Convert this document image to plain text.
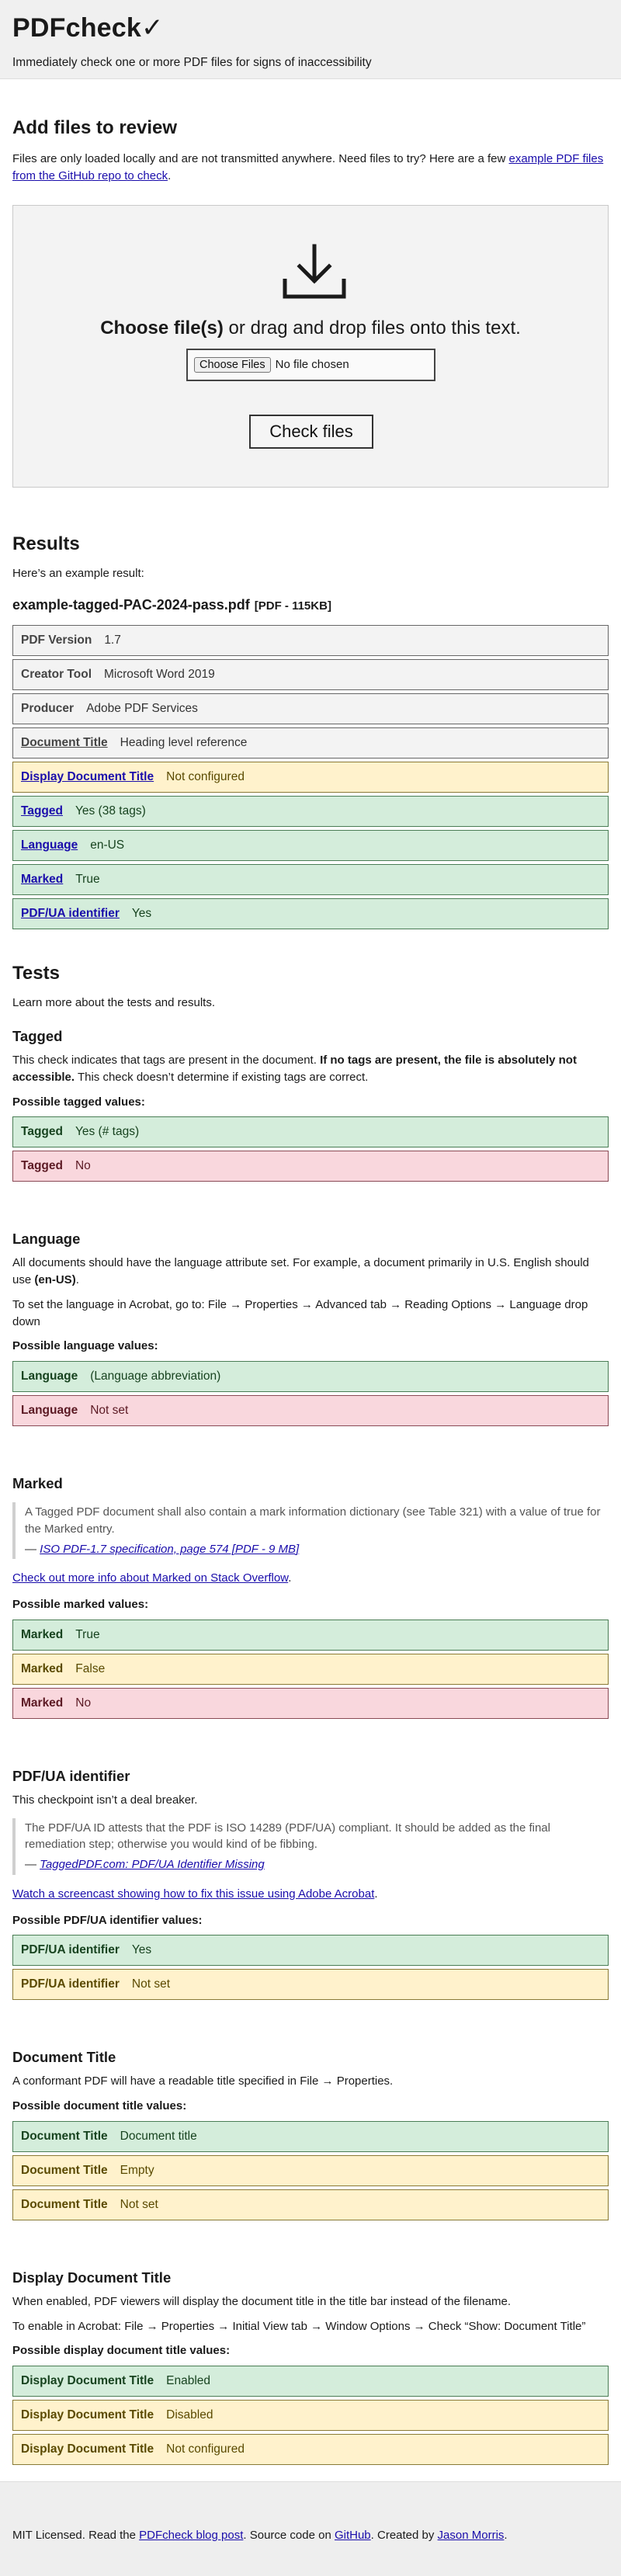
PDFcheck✓

Immediately check one or more PDF files for signs of inaccessibility

Add files to review

Files are only loaded locally and are not transmitted anywhere. Need files to try? Here are a few example PDF files from the GitHub repo to check.

Choose file(s) or drag and drop files onto this text.
Choose Files No file chosen
Check files
Results

Here’s an example result:

example-tagged-PAC-2024-pass.pdf [PDF - 115KB]
PDF Version 1.7
Creator Tool Microsoft Word 2019
Producer Adobe PDF Services
Document Title Heading level reference
Display Document Title Not configured
Tagged Yes (38 tags)
Language en-US
Marked True
PDF/UA identifier Yes
Tests

Learn more about the tests and results.

Tagged

This check indicates that tags are present in the document. If no tags are present, the file is absolutely not accessible. This check doesn’t determine if existing tags are correct.

Possible tagged values:

Tagged Yes (# tags)
Tagged No
Language

All documents should have the language attribute set. For example, a document primarily in U.S. English should use (en-US).

To set the language in Acrobat, go to: File → Properties → Advanced tab → Reading Options → Language drop down

Possible language values:

Language (Language abbreviation)
Language Not set
Marked
A Tagged PDF document shall also contain a mark information dictionary (see Table 321) with a value of true for the Marked entry.
— ISO PDF-1.7 specification, page 574 [PDF - 9 MB]

Check out more info about Marked on Stack Overflow.

Possible marked values:

Marked True
Marked False
Marked No
PDF/UA identifier

This checkpoint isn’t a deal breaker.

The PDF/UA ID attests that the PDF is ISO 14289 (PDF/UA) compliant. It should be added as the final remediation step; otherwise you would kind of be fibbing.
— TaggedPDF.com: PDF/UA Identifier Missing

Watch a screencast showing how to fix this issue using Adobe Acrobat.

Possible PDF/UA identifier values:

PDF/UA identifier Yes
PDF/UA identifier Not set
Document Title

A conformant PDF will have a readable title specified in File → Properties.

Possible document title values:

Document Title Document title
Document Title Empty
Document Title Not set
Display Document Title

When enabled, PDF viewers will display the document title in the title bar instead of the filename.

To enable in Acrobat: File → Properties → Initial View tab → Window Options → Check “Show: Document Title”

Possible display document title values:

Display Document Title Enabled
Display Document Title Disabled
Display Document Title Not configured
MIT Licensed. Read the PDFcheck blog post. Source code on GitHub. Created by Jason Morris.
